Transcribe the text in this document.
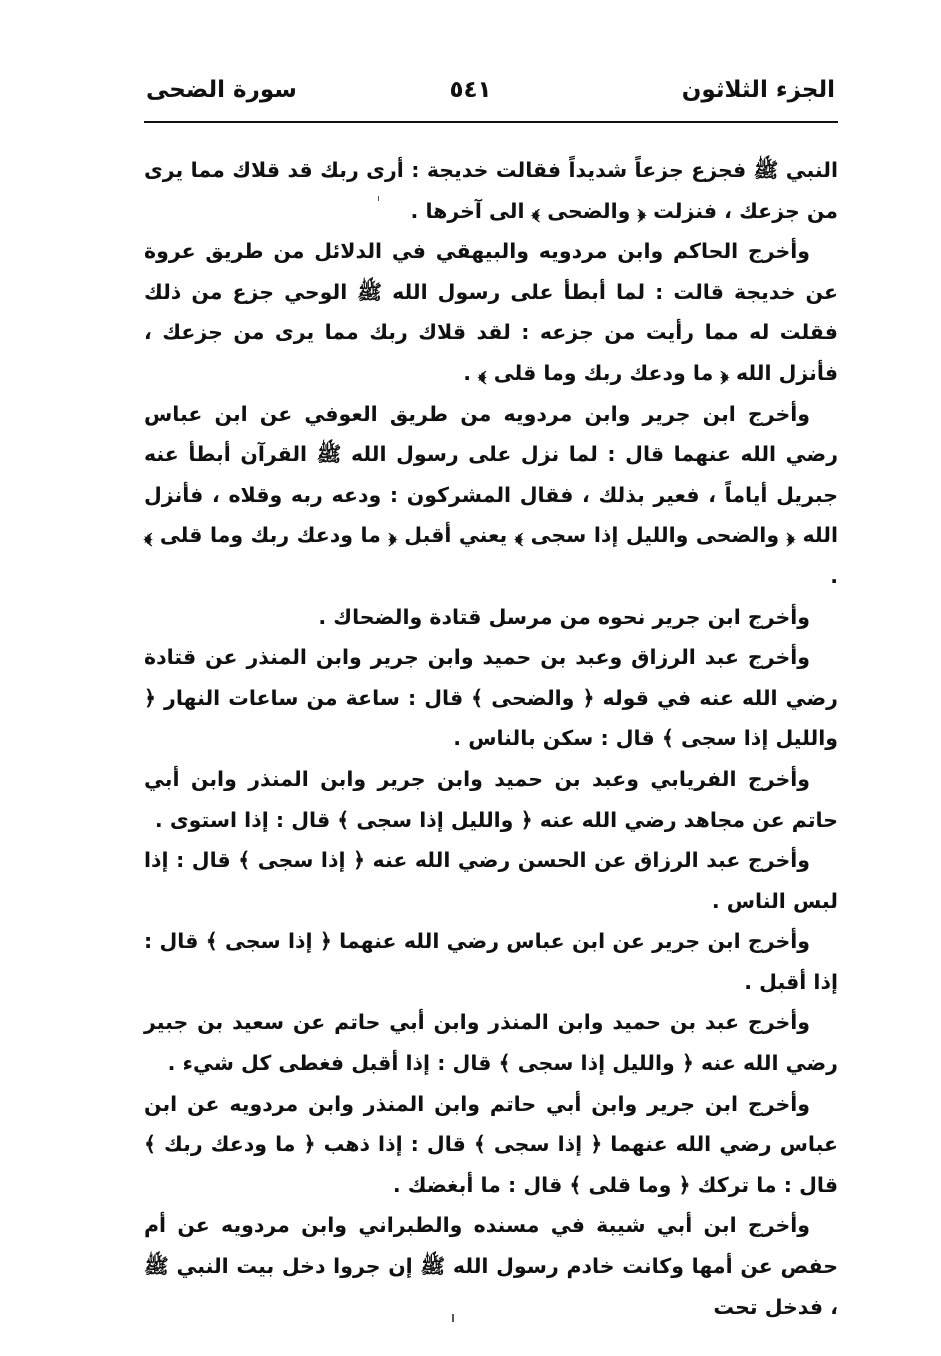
الجزء الثلاثون
٥٤١
سورة الضحى

النبي ﷺ فجزع جزعاً شديداً فقالت خديجة : أرى ربك قد قلاك مما يرى من جزعك ، فنزلت ﴿ والضحى ﴾ الى آخرها .

وأخرج الحاكم وابن مردويه والبيهقي في الدلائل من طريق عروة عن خديجة قالت : لما أبطأ على رسول الله ﷺ الوحي جزع من ذلك فقلت له مما رأيت من جزعه : لقد قلاك ربك مما يرى من جزعك ، فأنزل الله ﴿ ما ودعك ربك وما قلى ﴾ .

وأخرج ابن جرير وابن مردويه من طريق العوفي عن ابن عباس رضي الله عنهما قال : لما نزل على رسول الله ﷺ القرآن أبطأ عنه جبريل أياماً ، فعير بذلك ، فقال المشركون : ودعه ربه وقلاه ، فأنزل الله ﴿ والضحى والليل إذا سجى ﴾ يعني أقبل ﴿ ما ودعك ربك وما قلى ﴾ .

وأخرج ابن جرير نحوه من مرسل قتادة والضحاك .

وأخرج عبد الرزاق وعبد بن حميد وابن جرير وابن المنذر عن قتادة رضي الله عنه في قوله ﴿ والضحى ﴾ قال : ساعة من ساعات النهار ﴿ والليل إذا سجى ﴾ قال : سكن بالناس .

وأخرج الفريابي وعبد بن حميد وابن جرير وابن المنذر وابن أبي حاتم عن مجاهد رضي الله عنه ﴿ والليل إذا سجى ﴾ قال : إذا استوى .

وأخرج عبد الرزاق عن الحسن رضي الله عنه ﴿ إذا سجى ﴾ قال : إذا لبس الناس .

وأخرج ابن جرير عن ابن عباس رضي الله عنهما ﴿ إذا سجى ﴾ قال : إذا أقبل .

وأخرج عبد بن حميد وابن المنذر وابن أبي حاتم عن سعيد بن جبير رضي الله عنه ﴿ والليل إذا سجى ﴾ قال : إذا أقبل فغطى كل شيء .

وأخرج ابن جرير وابن أبي حاتم وابن المنذر وابن مردويه عن ابن عباس رضي الله عنهما ﴿ إذا سجى ﴾ قال : إذا ذهب ﴿ ما ودعك ربك ﴾ قال : ما تركك ﴿ وما قلى ﴾ قال : ما أبغضك .

وأخرج ابن أبي شيبة في مسنده والطبراني وابن مردويه عن أم حفص عن أمها وكانت خادم رسول الله ﷺ إن جروا دخل بيت النبي ﷺ ، فدخل تحت
